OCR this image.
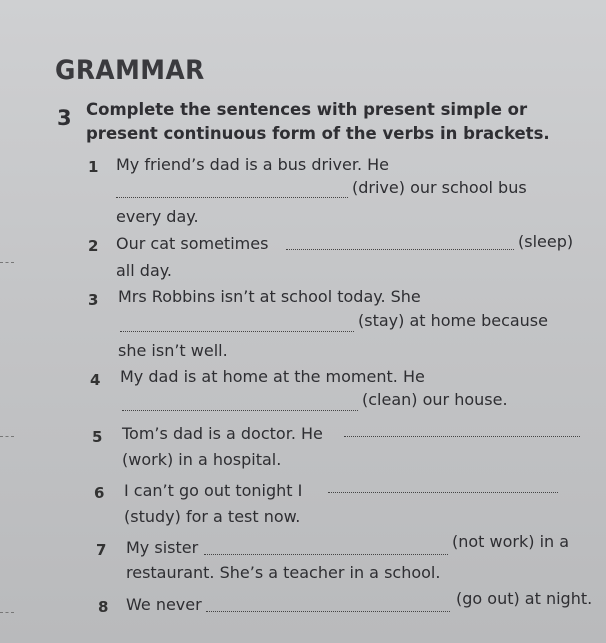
GRAMMAR
3 Complete the sentences with present simple or
present continuous form of the verbs in brackets.
1 My friend’s dad is a bus driver. He
(drive) our school bus
every day.
2 Our cat sometimes	(sleep)
all day.
3 Mrs Robbins isn’t at school today. She
(stay) at home because
she isn’t well.
4 My dad is at home at the moment. He
(clean) our house.
5 Tom’s dad is a doctor. He
(work) in a hospital.
6 I can’t go out tonight I
(study) for a test now.
7 My sister	(not work) in a
restaurant. She’s a teacher in a school.
8 We never	(go out) at night.
